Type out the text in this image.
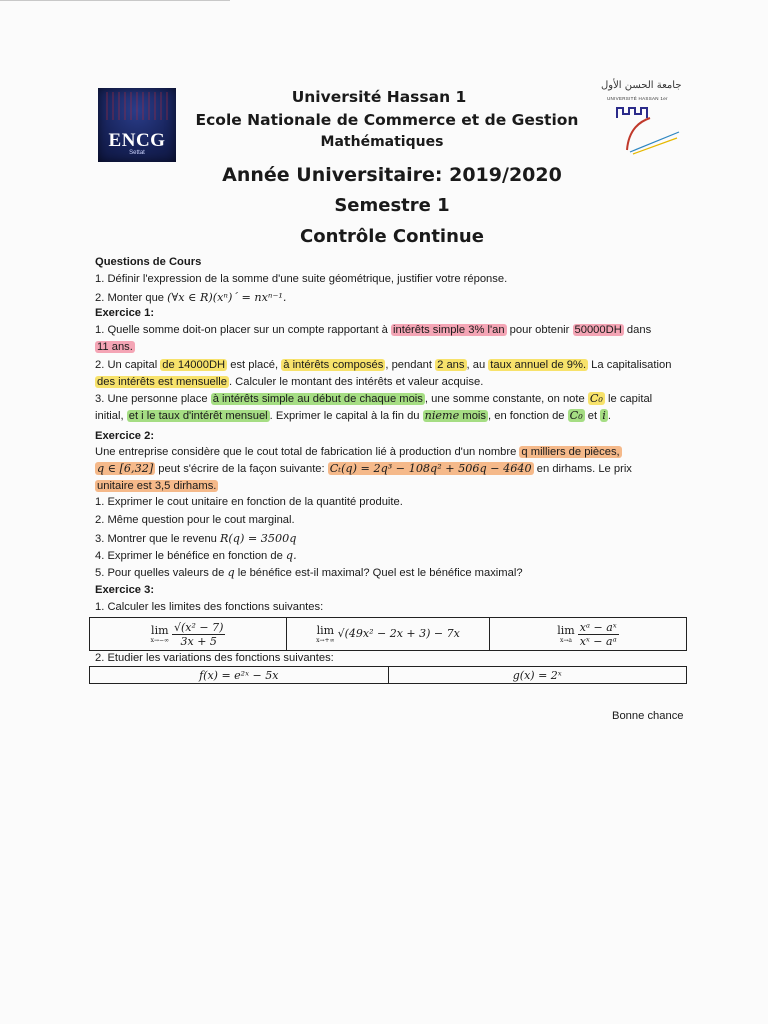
ENCG
Settat
جامعة الحسن الأول
UNIVERSITÉ HASSAN 1er
Université Hassan 1
Ecole Nationale de Commerce et de Gestion
Mathématiques
Année Universitaire: 2019/2020
Semestre 1
Contrôle Continue
Questions de Cours
1. Définir l'expression de la somme d'une suite géométrique, justifier votre réponse.
2. Monter que (∀x ∈ R)(xⁿ)´ = nxⁿ⁻¹.
Exercice 1:
1. Quelle somme doit-on placer sur un compte rapportant à intérêts simple 3% l'an pour obtenir 50000DH dans
11 ans.
2. Un capital de 14000DH est placé, à intérêts composés , pendant 2 ans , au taux annuel de 9%. La capitalisation
des intérêts est mensuelle . Calculer le montant des intérêts et valeur acquise.
3. Une personne place à intérêts simple au début de chaque mois , une somme constante, on note C₀ le capital
initial, et i le taux d'intérêt mensuel . Exprimer le capital à la fin du nieme mois , en fonction de C₀ et i .
Exercice 2:
Une entreprise considère que le cout total de fabrication lié à production d'un nombre q milliers de pièces,
q ∈ [6,32] peut s'écrire de la façon suivante: Cₜ(q) = 2q³ − 108q² + 506q − 4640 en dirhams. Le prix
unitaire est 3,5 dirhams.
1. Exprimer le cout unitaire en fonction de la quantité produite.
2. Même question pour le cout marginal.
3. Montrer que le revenu R(q) = 3500q
4. Exprimer le bénéfice en fonction de q.
5. Pour quelles valeurs de q le bénéfice est-il maximal? Quel est le bénéfice maximal?
Exercice 3:
1. Calculer les limites des fonctions suivantes:
lim
$x\to-\infty \frac{\text{√(x² − 7)}}{3x + 5}$	lim
x→+∞
√(49x² − 2x + 3) − 7x	lim
$x\to a \frac{\text{xᵃ − aˣ}}{\text{xˣ − aᵃ}}$
2. Etudier les variations des fonctions suivantes:
f(x) = e²ˣ − 5x	g(x) = 2ˣ
Bonne chance
